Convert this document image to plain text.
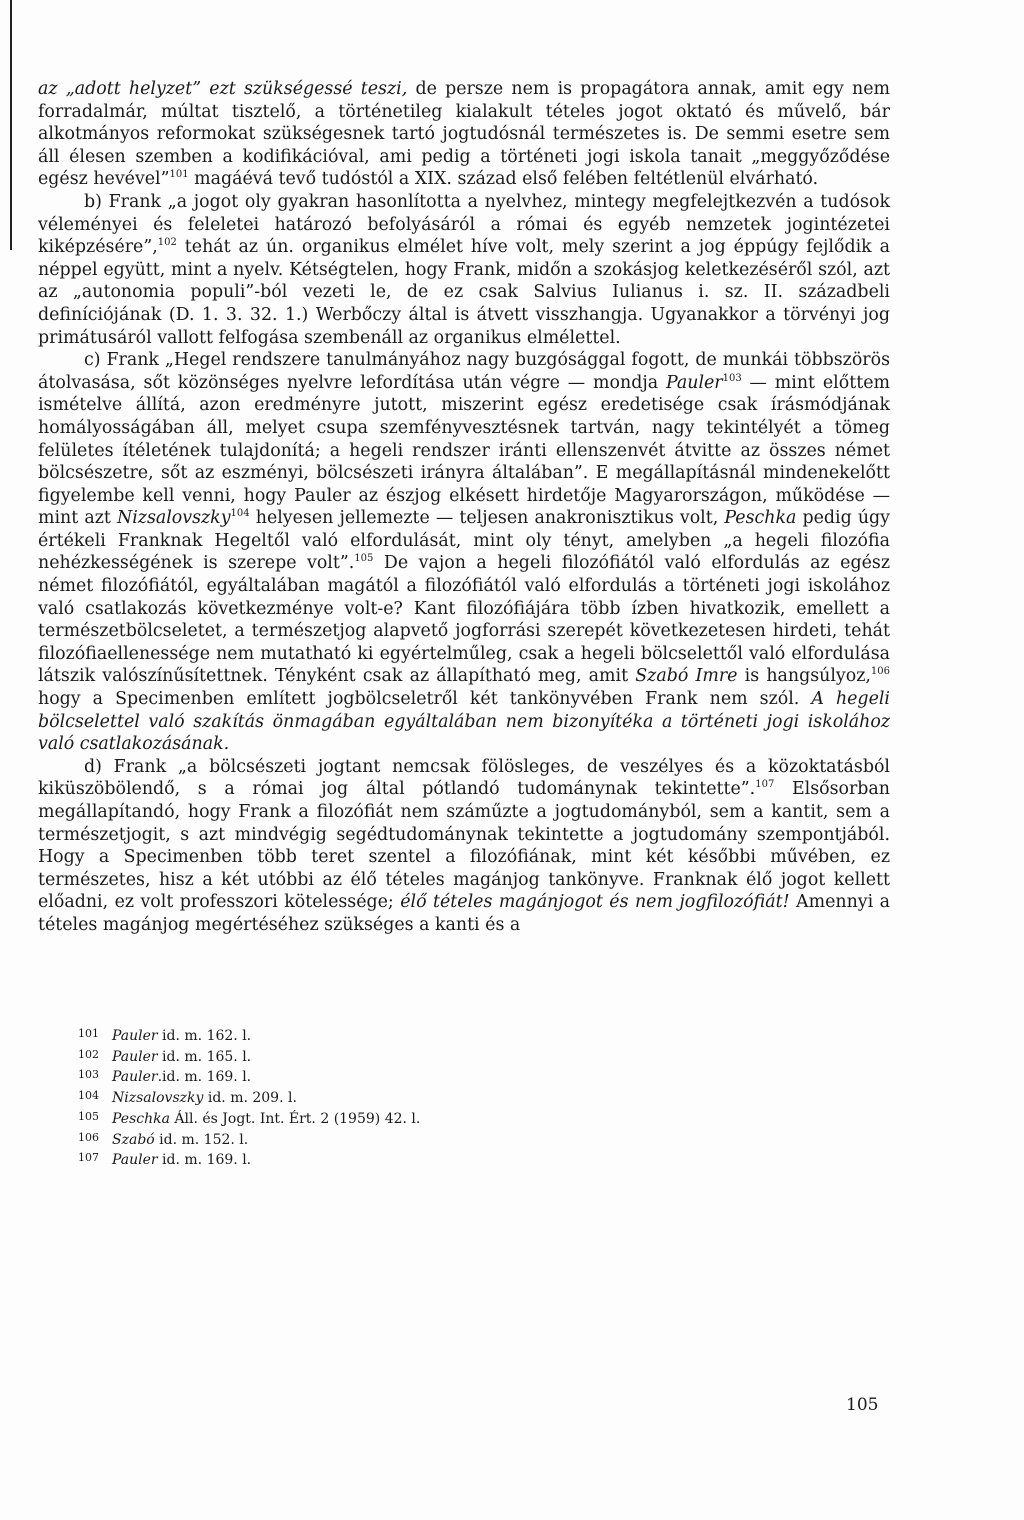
az „adott helyzet” ezt szükségessé teszi, de persze nem is propagátora annak, amit egy nem forradalmár, múltat tisztelő, a történetileg kialakult tételes jogot oktató és művelő, bár alkotmányos reformokat szükségesnek tartó jogtudósnál természetes is. De semmi esetre sem áll élesen szemben a kodifikációval, ami pedig a történeti jogi iskola tanait „meggyőződése egész hevével”$^{101}$ magáévá tevő tudóstól a XIX. század első felében feltétlenül elvárható.

b) Frank „a jogot oly gyakran hasonlította a nyelvhez, mintegy megfelejtkezvén a tudósok véleményei és feleletei határozó befolyásáról a római és egyéb nemzetek jogintézetei kiképzésére”,$^{102}$ tehát az ún. organikus elmélet híve volt, mely szerint a jog éppúgy fejlődik a néppel együtt, mint a nyelv. Kétségtelen, hogy Frank, midőn a szokásjog keletkezéséről szól, azt az „autonomia populi”-ból vezeti le, de ez csak Salvius Iulianus i. sz. II. századbeli definíciójának (D. 1. 3. 32. 1.) Werbőczy által is átvett visszhangja. Ugyanakkor a törvényi jog primátusáról vallott felfogása szembenáll az organikus elmélettel.

c) Frank „Hegel rendszere tanulmányához nagy buzgósággal fogott, de munkái többszörös átolvasása, sőt közönséges nyelvre lefordítása után végre — mondja Pauler$^{103}$ — mint előttem ismételve állítá, azon eredményre jutott, miszerint egész eredetisége csak írásmódjának homályosságában áll, melyet csupa szemfényvesztésnek tartván, nagy tekintélyét a tömeg felületes ítéletének tulajdonítá; a hegeli rendszer iránti ellenszenvét átvitte az összes német bölcsészetre, sőt az eszményi, bölcsészeti irányra általában”. E megállapításnál mindenekelőtt figyelembe kell venni, hogy Pauler az észjog elkésett hirdetője Magyarországon, működése — mint azt Nizsalovszky$^{104}$ helyesen jellemezte — teljesen anakronisztikus volt, Peschka pedig úgy értékeli Franknak Hegeltől való elfordulását, mint oly tényt, amelyben „a hegeli filozófia nehézkességének is szerepe volt”.$^{105}$ De vajon a hegeli filozófiától való elfordulás az egész német filozófiától, egyáltalában magától a filozófiától való elfordulás a történeti jogi iskolához való csatlakozás következménye volt-e? Kant filozófiájára több ízben hivatkozik, emellett a természetbölcseletet, a természetjog alapvető jogforrási szerepét következetesen hirdeti, tehát filozófiaellenessége nem mutatható ki egyértelműleg, csak a hegeli bölcselettől való elfordulása látszik valószínűsítettnek. Tényként csak az állapítható meg, amit Szabó Imre is hangsúlyoz,$^{106}$ hogy a Specimenben említett jogbölcseletről két tankönyvében Frank nem szól. A hegeli bölcselettel való szakítás önmagában egyáltalában nem bizonyítéka a történeti jogi iskolához való csatlakozásának.

d) Frank „a bölcsészeti jogtant nemcsak fölösleges, de veszélyes és a közoktatásból kiküszöbölendő, s a római jog által pótlandó tudománynak tekintette”.$^{107}$ Elsősorban megállapítandó, hogy Frank a filozófiát nem száműzte a jogtudományból, sem a kantit, sem a természetjogit, s azt mindvégig segédtudománynak tekintette a jogtudomány szempontjából. Hogy a Specimenben több teret szentel a filozófiának, mint két későbbi művében, ez természetes, hisz a két utóbbi az élő tételes magánjog tankönyve. Franknak élő jogot kellett előadni, ez volt professzori kötelessége; élő tételes magánjogot és nem jogfilozófiát! Amennyi a tételes magánjog megértéséhez szükséges a kanti és a

101 Pauler id. m. 162. l.
102 Pauler id. m. 165. l.
103 Pauler.id. m. 169. l.
104 Nizsalovszky id. m. 209. l.
105 Peschka Áll. és Jogt. Int. Ért. 2 (1959) 42. l.
106 Szabó id. m. 152. l.
107 Pauler id. m. 169. l.
105
